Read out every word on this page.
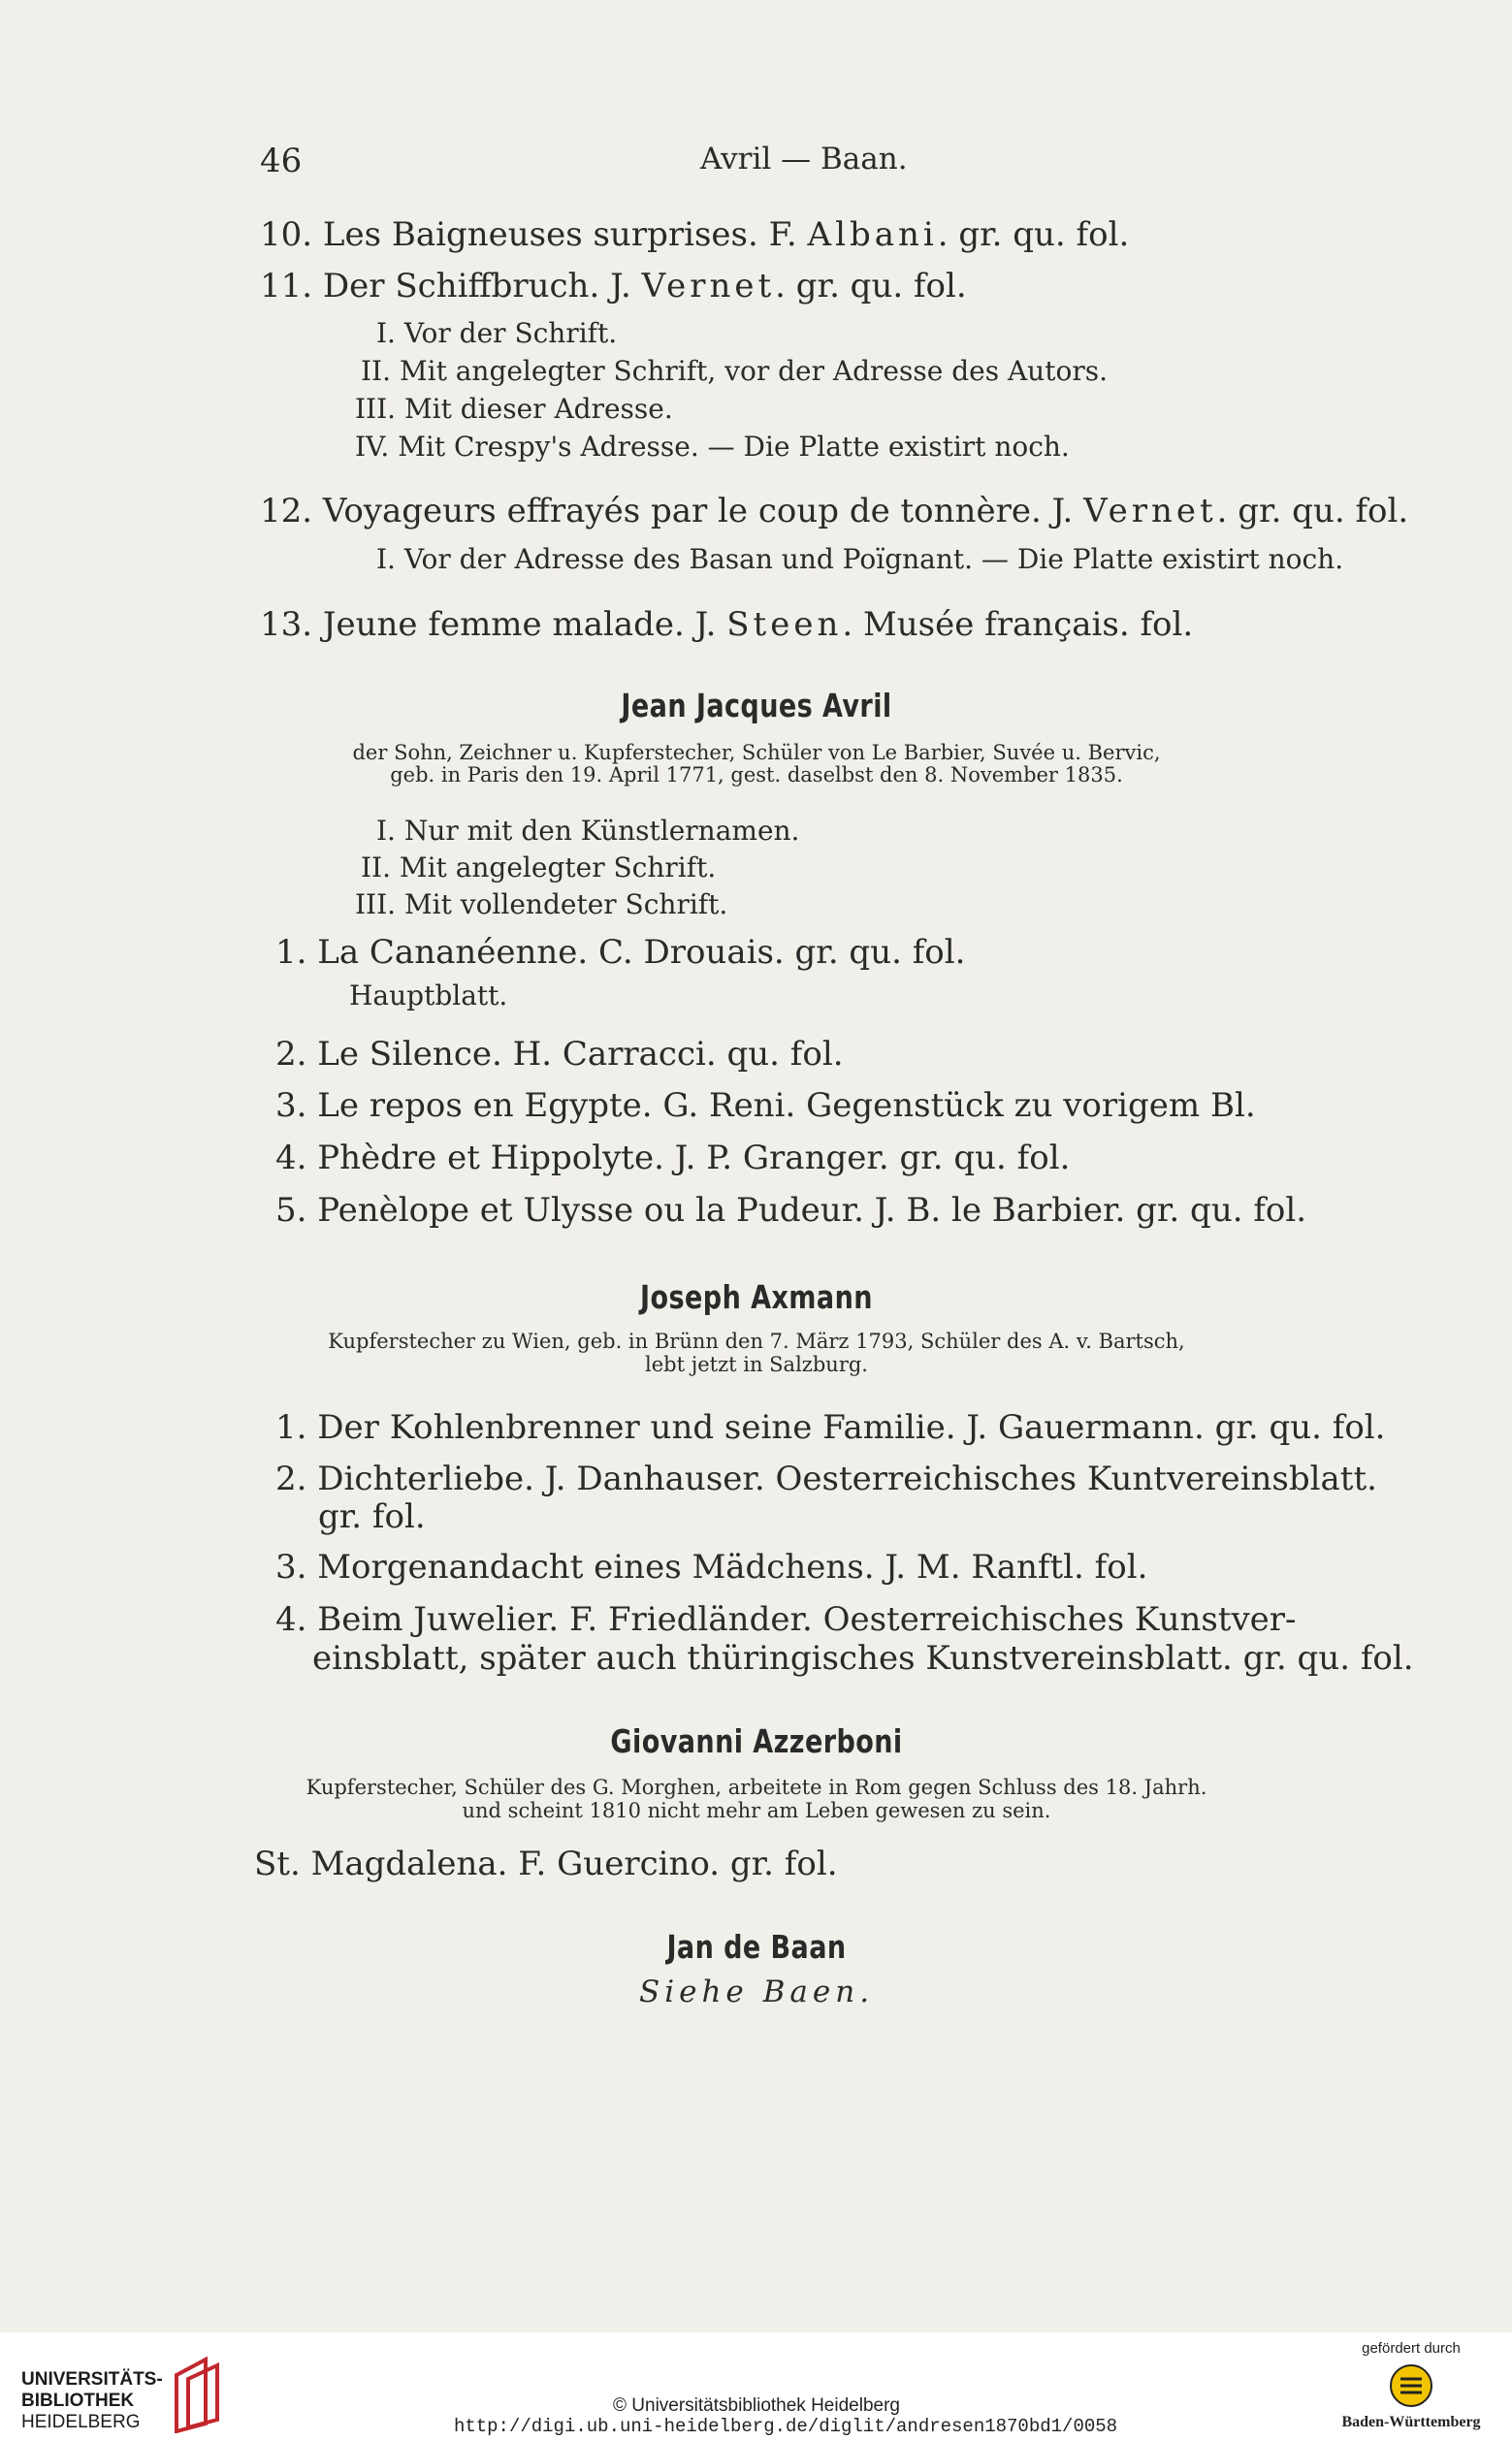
46	Avril — Baan.
10. Les Baigneuses surprises. F. Albani. gr. qu. fol.
11. Der Schiffbruch. J. Vernet. gr. qu. fol.
I. Vor der Schrift.
II. Mit angelegter Schrift, vor der Adresse des Autors.
III. Mit dieser Adresse.
IV. Mit Crespy's Adresse. — Die Platte existirt noch.
12. Voyageurs effrayés par le coup de tonnère. J. Vernet. gr. qu. fol.
I. Vor der Adresse des Basan und Poïgnant. — Die Platte existirt noch.
13. Jeune femme malade. J. Steen. Musée français. fol.
Jean Jacques Avril
der Sohn, Zeichner u. Kupferstecher, Schüler von Le Barbier, Suvée u. Bervic,
geb. in Paris den 19. April 1771, gest. daselbst den 8. November 1835.
I. Nur mit den Künstlernamen.
II. Mit angelegter Schrift.
III. Mit vollendeter Schrift.
1. La Cananéenne. C. Drouais. gr. qu. fol.
Hauptblatt.
2. Le Silence. H. Carracci. qu. fol.
3. Le repos en Egypte. G. Reni. Gegenstück zu vorigem Bl.
4. Phèdre et Hippolyte. J. P. Granger. gr. qu. fol.
5. Penèlope et Ulysse ou la Pudeur. J. B. le Barbier. gr. qu. fol.
Joseph Axmann
Kupferstecher zu Wien, geb. in Brünn den 7. März 1793, Schüler des A. v. Bartsch,
lebt jetzt in Salzburg.
1. Der Kohlenbrenner und seine Familie. J. Gauermann. gr. qu. fol.
2. Dichterliebe. J. Danhauser. Oesterreichisches Kuntvereinsblatt.
gr. fol.
3. Morgenandacht eines Mädchens. J. M. Ranftl. fol.
4. Beim Juwelier. F. Friedländer. Oesterreichisches Kunstver-
einsblatt, später auch thüringisches Kunstvereinsblatt. gr. qu. fol.
Giovanni Azzerboni
Kupferstecher, Schüler des G. Morghen, arbeitete in Rom gegen Schluss des 18. Jahrh.
und scheint 1810 nicht mehr am Leben gewesen zu sein.
St. Magdalena. F. Guercino. gr. fol.
Jan de Baan
Siehe Baen.
UNIVERSITÄTS-
BIBLIOTHEK
HEIDELBERG
© Universitätsbibliothek Heidelberg
http://digi.ub.uni-heidelberg.de/diglit/andresen1870bd1/0058
gefördert durch
Baden-Württemberg
